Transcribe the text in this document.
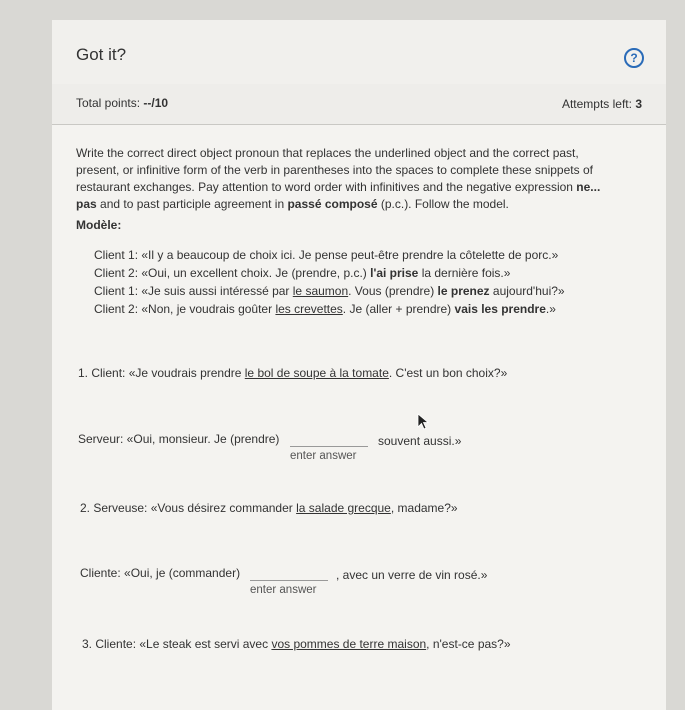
Got it?	?
Total points: --/10	Attempts left: 3
Write the correct direct object pronoun that replaces the underlined object and the correct past,
present, or infinitive form of the verb in parentheses into the spaces to complete these snippets of
restaurant exchanges. Pay attention to word order with infinitives and the negative expression ne...
pas and to past participle agreement in passé composé (p.c.). Follow the model.
Modèle:
Client 1: «Il y a beaucoup de choix ici. Je pense peut-être prendre la côtelette de porc.»
Client 2: «Oui, un excellent choix. Je (prendre, p.c.) l'ai prise la dernière fois.»
Client 1: «Je suis aussi intéressé par le saumon. Vous (prendre) le prenez aujourd'hui?»
Client 2: «Non, je voudrais goûter les crevettes. Je (aller + prendre) vais les prendre.»
1. Client: «Je voudrais prendre le bol de soupe à la tomate. C'est un bon choix?»
Serveur: «Oui, monsieur. Je (prendre)	souvent aussi.»
enter answer
2. Serveuse: «Vous désirez commander la salade grecque, madame?»
Cliente: «Oui, je (commander)	, avec un verre de vin rosé.»
enter answer
3. Cliente: «Le steak est servi avec vos pommes de terre maison, n'est-ce pas?»
